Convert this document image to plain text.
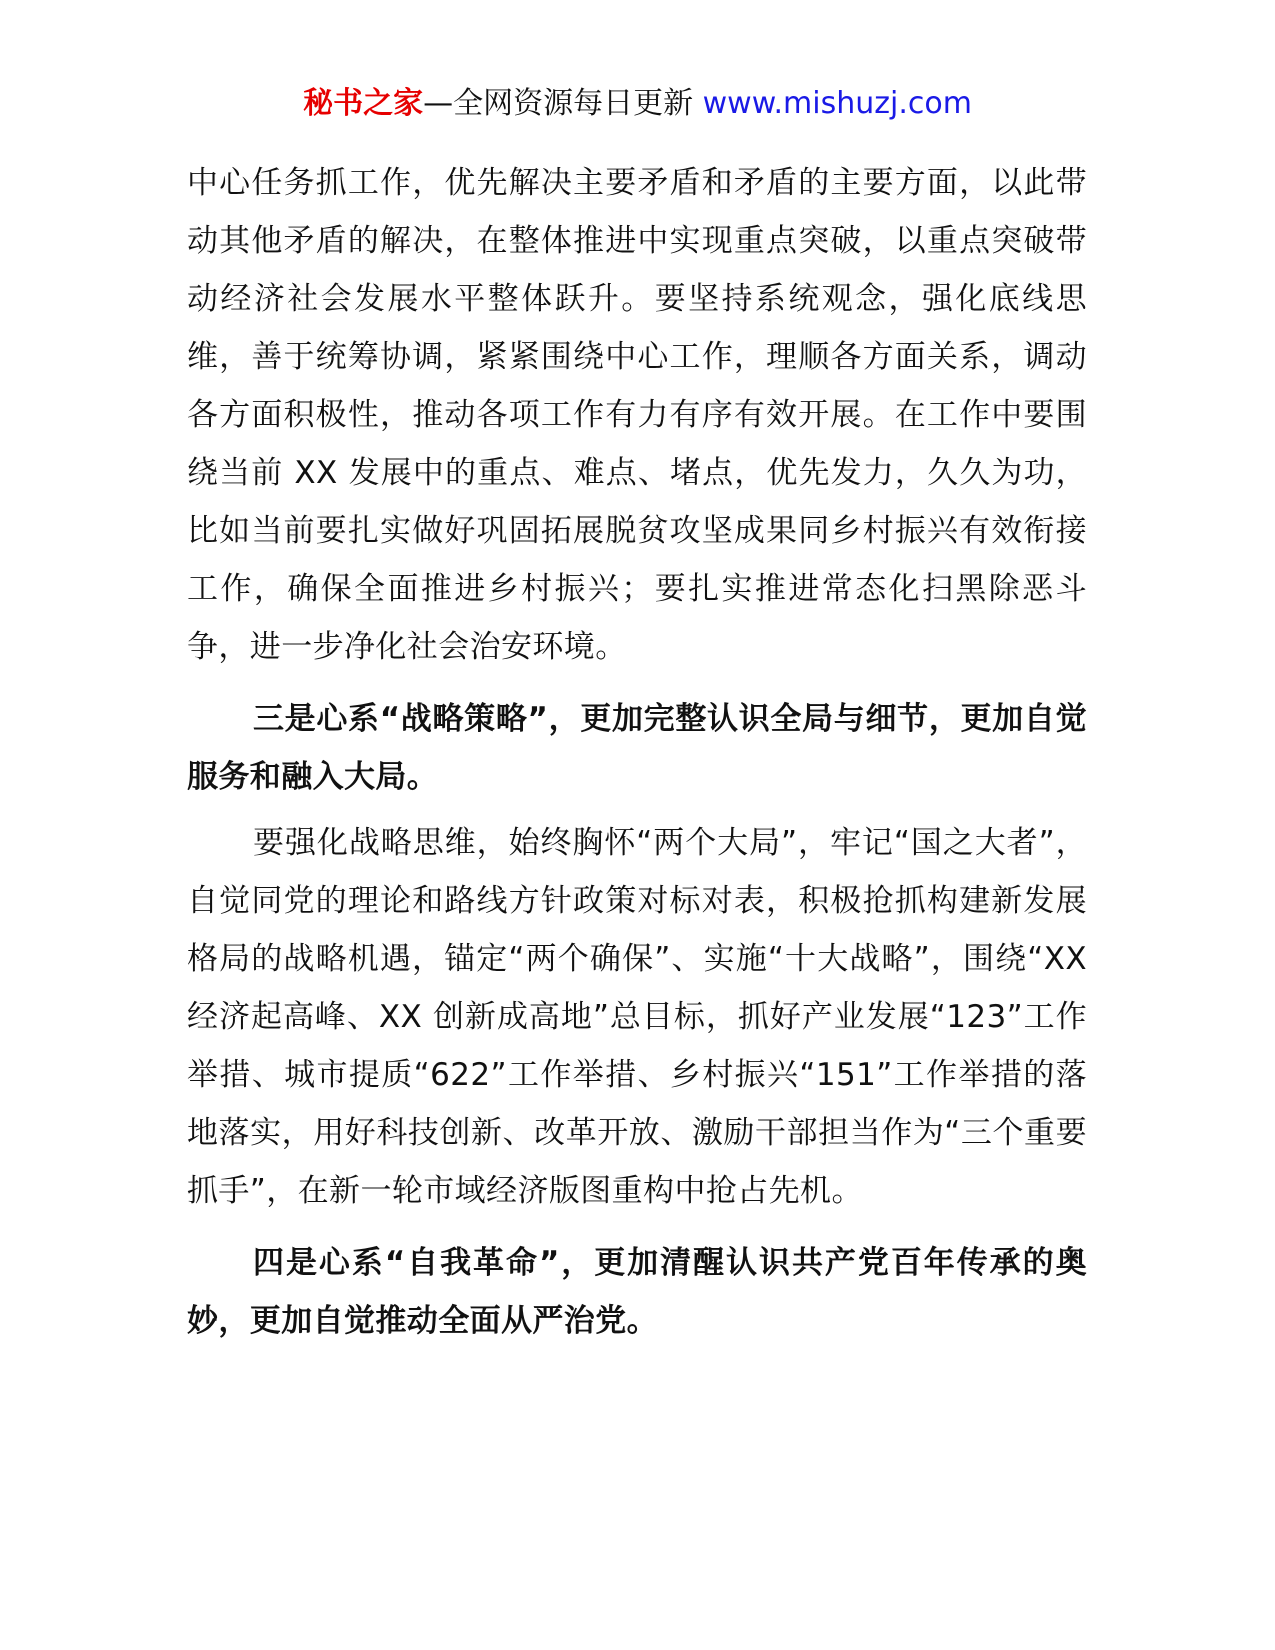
秘书之家—全网资源每日更新 www.mishuzj.com

中心任务抓工作，优先解决主要矛盾和矛盾的主要方面，以此带动其他矛盾的解决，在整体推进中实现重点突破，以重点突破带动经济社会发展水平整体跃升。要坚持系统观念，强化底线思维，善于统筹协调，紧紧围绕中心工作，理顺各方面关系，调动各方面积极性，推动各项工作有力有序有效开展。在工作中要围绕当前 XX 发展中的重点、难点、堵点，优先发力，久久为功，比如当前要扎实做好巩固拓展脱贫攻坚成果同乡村振兴有效衔接工作，确保全面推进乡村振兴；要扎实推进常态化扫黑除恶斗争，进一步净化社会治安环境。

三是心系“战略策略”，更加完整认识全局与细节，更加自觉服务和融入大局。

要强化战略思维，始终胸怀“两个大局”，牢记“国之大者”，自觉同党的理论和路线方针政策对标对表，积极抢抓构建新发展格局的战略机遇，锚定“两个确保”、实施“十大战略”，围绕“XX 经济起高峰、XX 创新成高地”总目标，抓好产业发展“123”工作举措、城市提质“622”工作举措、乡村振兴“151”工作举措的落地落实，用好科技创新、改革开放、激励干部担当作为“三个重要抓手”，在新一轮市域经济版图重构中抢占先机。

四是心系“自我革命”，更加清醒认识共产党百年传承的奥妙，更加自觉推动全面从严治党。
